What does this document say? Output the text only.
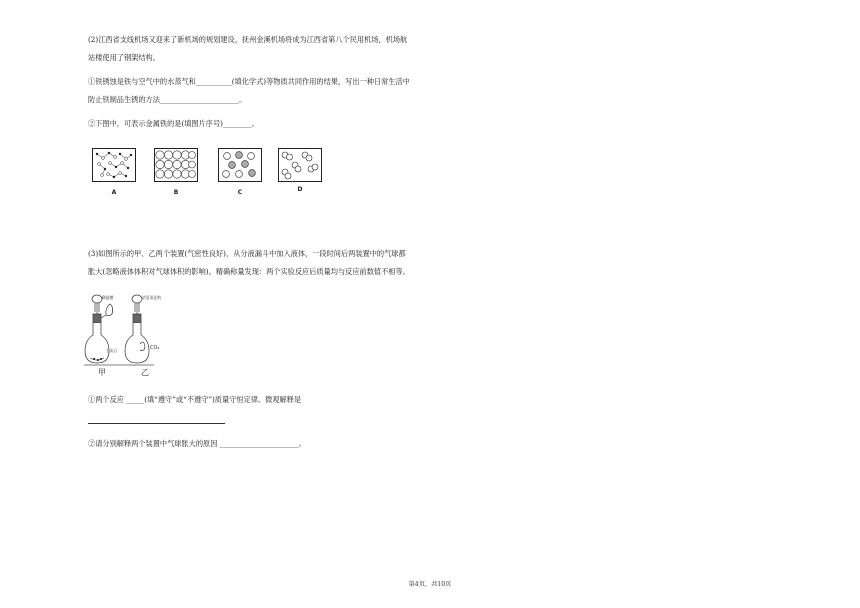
(2)江西省支线机场又迎来了新机场的规划建设，抚州金溪机场将成为江西省第八个民用机场，机场航
站楼使用了钢架结构。
①铁锈蚀是铁与空气中的水蒸气和__________(填化学式)等物质共同作用的结果，写出一种日常生活中
防止铁制品生锈的方法______________________。
②下图中，可表示金属铁的是(填图片序号)________。
A	B	C	D
(3)如图所示的甲、乙两个装置(气密性良好)，从分液漏斗中加入液体，一段时间后两装置中的气球都
胀大(忽略液体体积对气球体积的影响)。精确称量发现：两个实验反应后质量均与反应前数值不相等。
稀盐酸	浓氢氧化钠
石灰石	CO₂
甲	乙
①两个反应 _____(填“遵守”或“不遵守”)质量守恒定律。微观解释是
②请分别解释两个装置中气球胀大的原因 ______________________。
第4页，共10页
